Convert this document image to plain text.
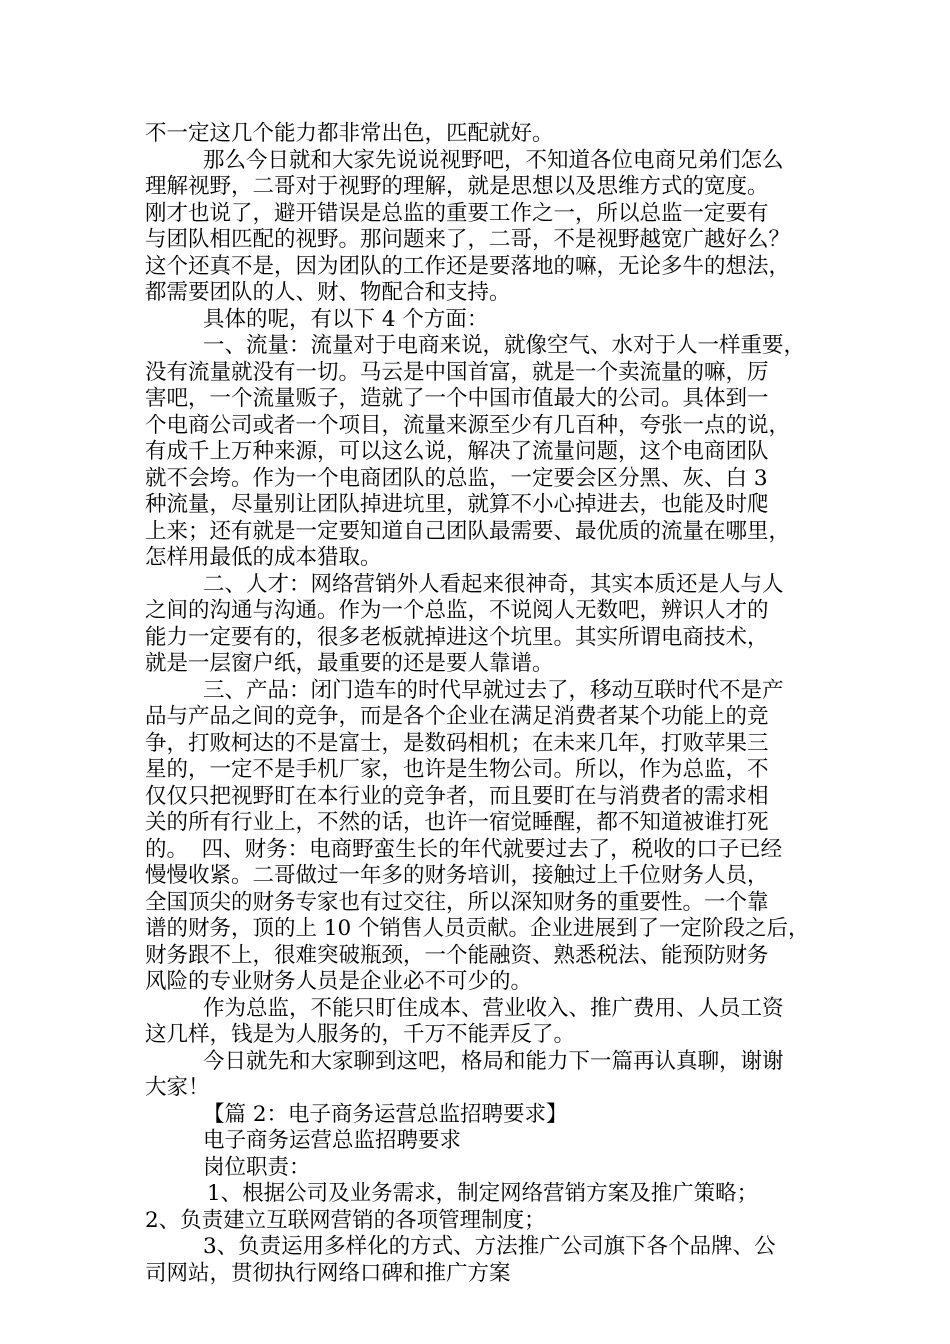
不一定这几个能力都非常出色，匹配就好。
那么今日就和大家先说说视野吧，不知道各位电商兄弟们怎么
理解视野，二哥对于视野的理解，就是思想以及思维方式的宽度。
刚才也说了，避开错误是总监的重要工作之一，所以总监一定要有
与团队相匹配的视野。那问题来了，二哥，不是视野越宽广越好么？
这个还真不是，因为团队的工作还是要落地的嘛，无论多牛的想法，
都需要团队的人、财、物配合和支持。
具体的呢，有以下 4 个方面：
一、流量：流量对于电商来说，就像空气、水对于人一样重要，
没有流量就没有一切。马云是中国首富，就是一个卖流量的嘛，厉
害吧，一个流量贩子，造就了一个中国市值最大的公司。具体到一
个电商公司或者一个项目，流量来源至少有几百种，夸张一点的说，
有成千上万种来源，可以这么说，解决了流量问题，这个电商团队
就不会垮。作为一个电商团队的总监，一定要会区分黑、灰、白 3
种流量，尽量别让团队掉进坑里，就算不小心掉进去，也能及时爬
上来；还有就是一定要知道自己团队最需要、最优质的流量在哪里，
怎样用最低的成本猎取。
二、人才：网络营销外人看起来很神奇，其实本质还是人与人
之间的沟通与沟通。作为一个总监，不说阅人无数吧，辨识人才的
能力一定要有的，很多老板就掉进这个坑里。其实所谓电商技术，
就是一层窗户纸，最重要的还是要人靠谱。
三、产品：闭门造车的时代早就过去了，移动互联时代不是产
品与产品之间的竞争，而是各个企业在满足消费者某个功能上的竞
争，打败柯达的不是富士，是数码相机；在未来几年，打败苹果三
星的，一定不是手机厂家，也许是生物公司。所以，作为总监，不
仅仅只把视野盯在本行业的竞争者，而且要盯在与消费者的需求相
关的所有行业上，不然的话，也许一宿觉睡醒，都不知道被谁打死
的。  四、财务：电商野蛮生长的年代就要过去了，税收的口子已经
慢慢收紧。二哥做过一年多的财务培训，接触过上千位财务人员，
全国顶尖的财务专家也有过交往，所以深知财务的重要性。一个靠
谱的财务，顶的上 10 个销售人员贡献。企业进展到了一定阶段之后，
财务跟不上，很难突破瓶颈，一个能融资、熟悉税法、能预防财务
风险的专业财务人员是企业必不可少的。
作为总监，不能只盯住成本、营业收入、推广费用、人员工资
这几样，钱是为人服务的，千万不能弄反了。
今日就先和大家聊到这吧，格局和能力下一篇再认真聊，谢谢
大家！
【篇 2：电子商务运营总监招聘要求】
电子商务运营总监招聘要求
岗位职责：
1、根据公司及业务需求，制定网络营销方案及推广策略；
2、负责建立互联网营销的各项管理制度；
3、负责运用多样化的方式、方法推广公司旗下各个品牌、公
司网站，贯彻执行网络口碑和推广方案
